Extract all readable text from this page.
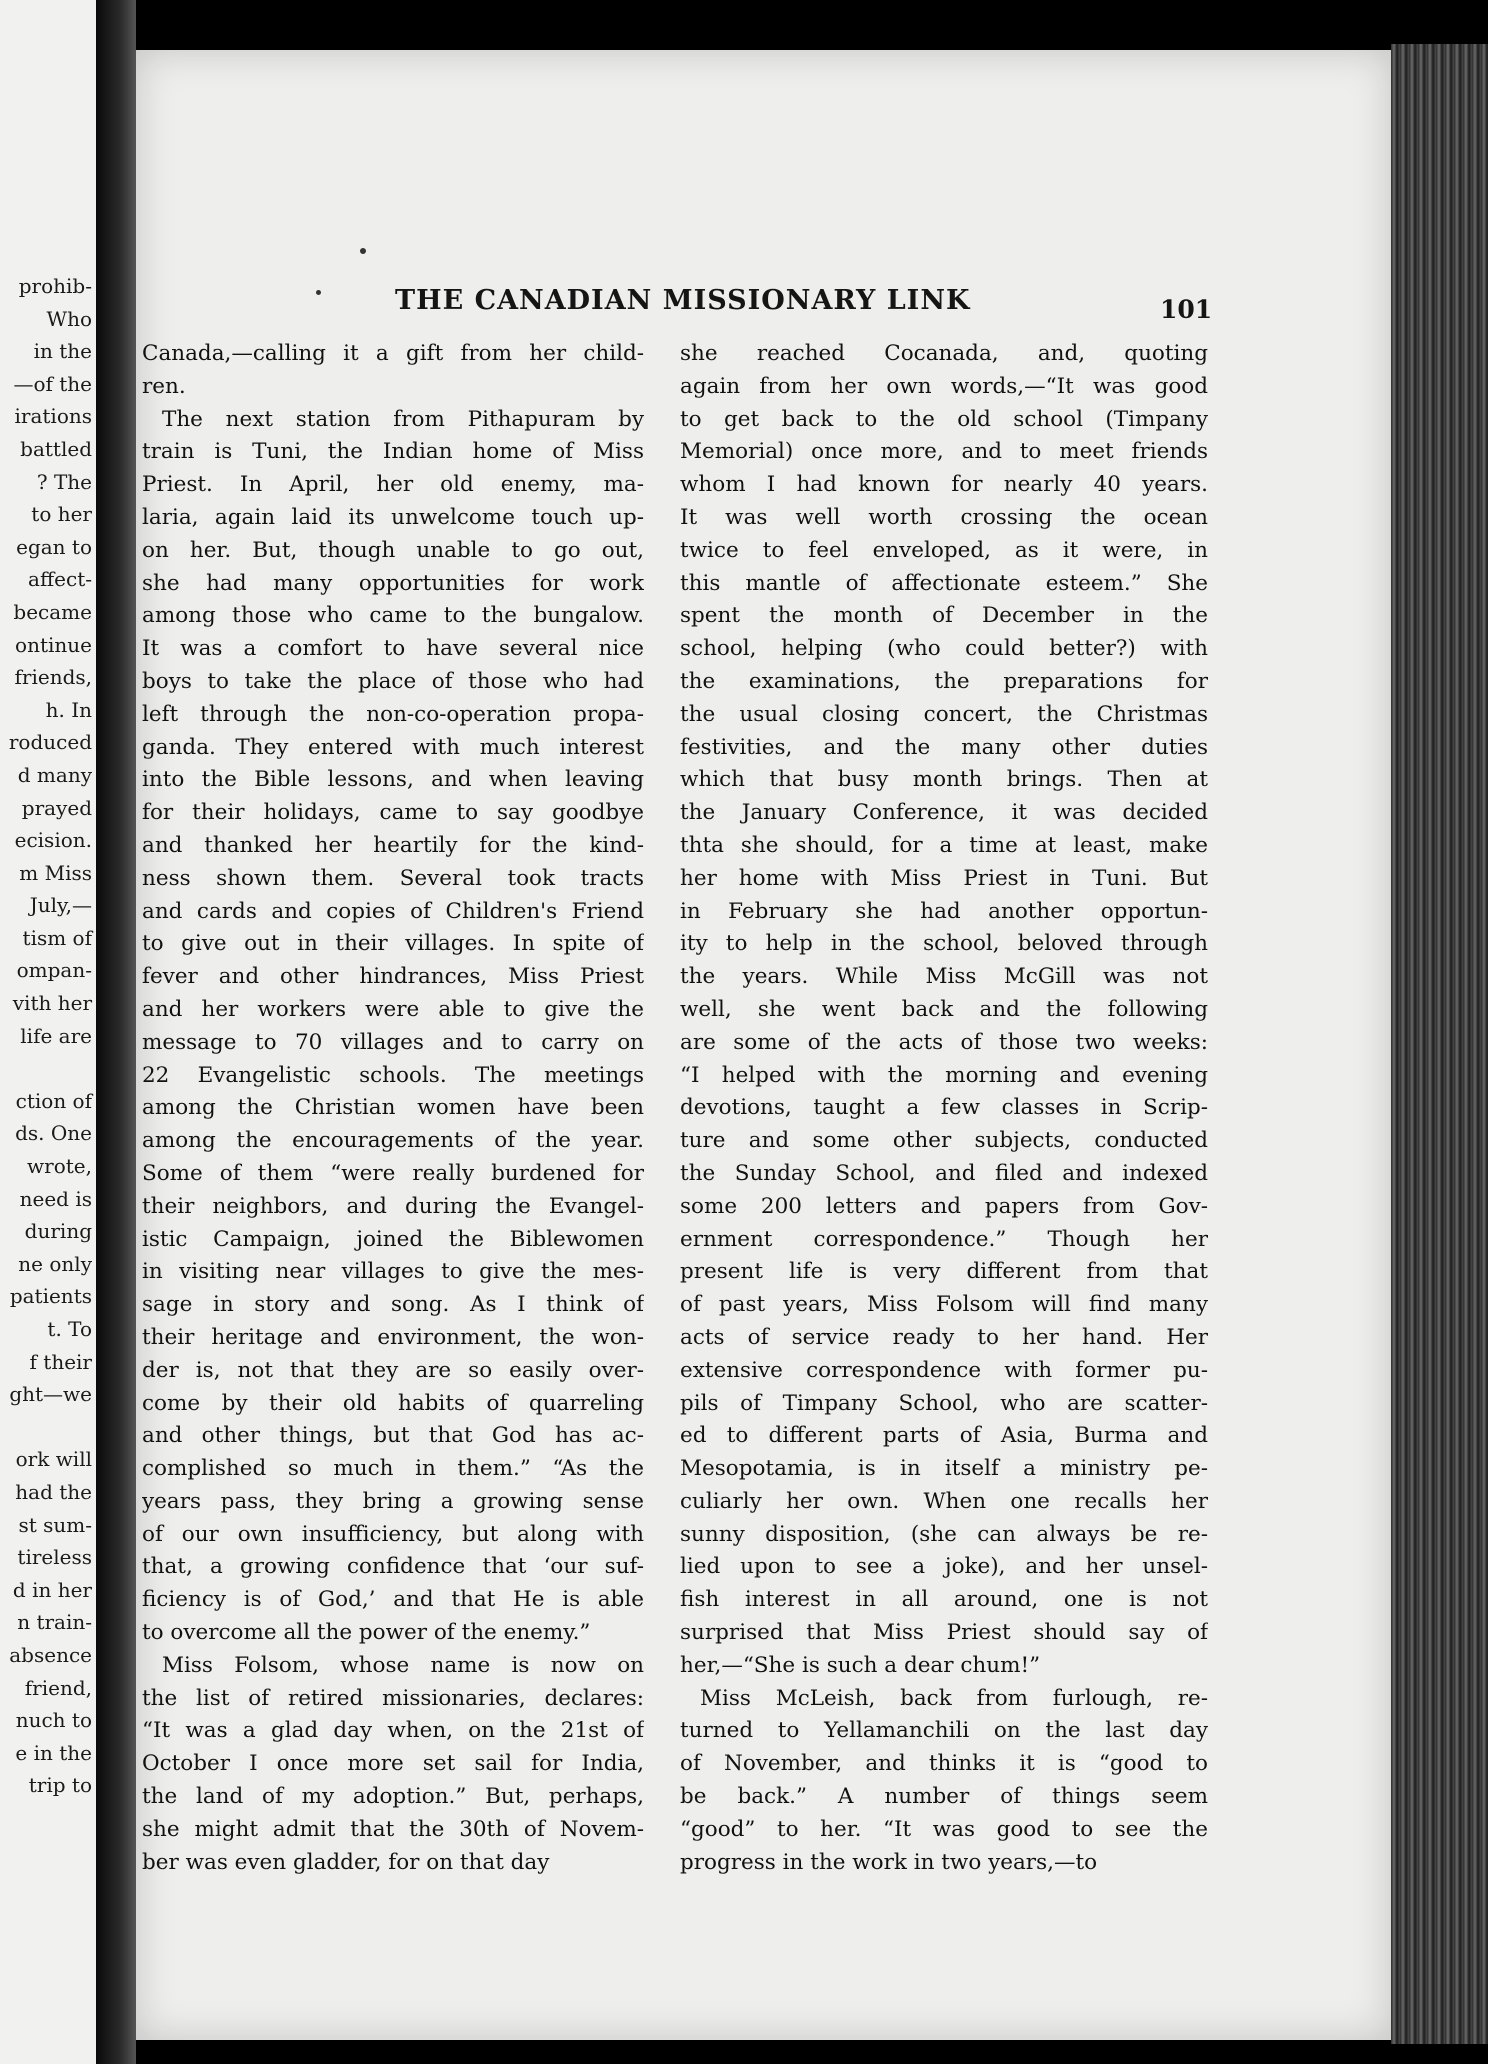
prohib-
Who
in the
—of the
irations
battled
? The
to her
egan to
affect-
became
ontinue
friends,
h. In
roduced
d many
prayed
ecision.
m Miss
July,—
tism of
ompan-
vith her
life are
ction of
ds. One
wrote,
need is
during
ne only
patients
t. To
f their
ght—we
ork will
had the
st sum-
tireless
d in her
n train-
absence
friend,
nuch to
e in the
trip to
THE CANADIAN MISSIONARY LINK	101
Canada,—calling it a gift from her child-
ren.
The next station from Pithapuram by
train is Tuni, the Indian home of Miss
Priest. In April, her old enemy, ma-
laria, again laid its unwelcome touch up-
on her. But, though unable to go out,
she had many opportunities for work
among those who came to the bungalow.
It was a comfort to have several nice
boys to take the place of those who had
left through the non-co-operation propa-
ganda. They entered with much interest
into the Bible lessons, and when leaving
for their holidays, came to say goodbye
and thanked her heartily for the kind-
ness shown them. Several took tracts
and cards and copies of Children's Friend
to give out in their villages. In spite of
fever and other hindrances, Miss Priest
and her workers were able to give the
message to 70 villages and to carry on
22 Evangelistic schools. The meetings
among the Christian women have been
among the encouragements of the year.
Some of them “were really burdened for
their neighbors, and during the Evangel-
istic Campaign, joined the Biblewomen
in visiting near villages to give the mes-
sage in story and song. As I think of
their heritage and environment, the won-
der is, not that they are so easily over-
come by their old habits of quarreling
and other things, but that God has ac-
complished so much in them.” “As the
years pass, they bring a growing sense
of our own insufficiency, but along with
that, a growing confidence that ‘our suf-
ficiency is of God,’ and that He is able
to overcome all the power of the enemy.”
Miss Folsom, whose name is now on
the list of retired missionaries, declares:
“It was a glad day when, on the 21st of
October I once more set sail for India,
the land of my adoption.” But, perhaps,
she might admit that the 30th of Novem-
ber was even gladder, for on that day
she reached Cocanada, and, quoting
again from her own words,—“It was good
to get back to the old school (Timpany
Memorial) once more, and to meet friends
whom I had known for nearly 40 years.
It was well worth crossing the ocean
twice to feel enveloped, as it were, in
this mantle of affectionate esteem.” She
spent the month of December in the
school, helping (who could better?) with
the examinations, the preparations for
the usual closing concert, the Christmas
festivities, and the many other duties
which that busy month brings. Then at
the January Conference, it was decided
thta she should, for a time at least, make
her home with Miss Priest in Tuni. But
in February she had another opportun-
ity to help in the school, beloved through
the years. While Miss McGill was not
well, she went back and the following
are some of the acts of those two weeks:
“I helped with the morning and evening
devotions, taught a few classes in Scrip-
ture and some other subjects, conducted
the Sunday School, and filed and indexed
some 200 letters and papers from Gov-
ernment correspondence.” Though her
present life is very different from that
of past years, Miss Folsom will find many
acts of service ready to her hand. Her
extensive correspondence with former pu-
pils of Timpany School, who are scatter-
ed to different parts of Asia, Burma and
Mesopotamia, is in itself a ministry pe-
culiarly her own. When one recalls her
sunny disposition, (she can always be re-
lied upon to see a joke), and her unsel-
fish interest in all around, one is not
surprised that Miss Priest should say of
her,—“She is such a dear chum!”
Miss McLeish, back from furlough, re-
turned to Yellamanchili on the last day
of November, and thinks it is “good to
be back.” A number of things seem
“good” to her. “It was good to see the
progress in the work in two years,—to
